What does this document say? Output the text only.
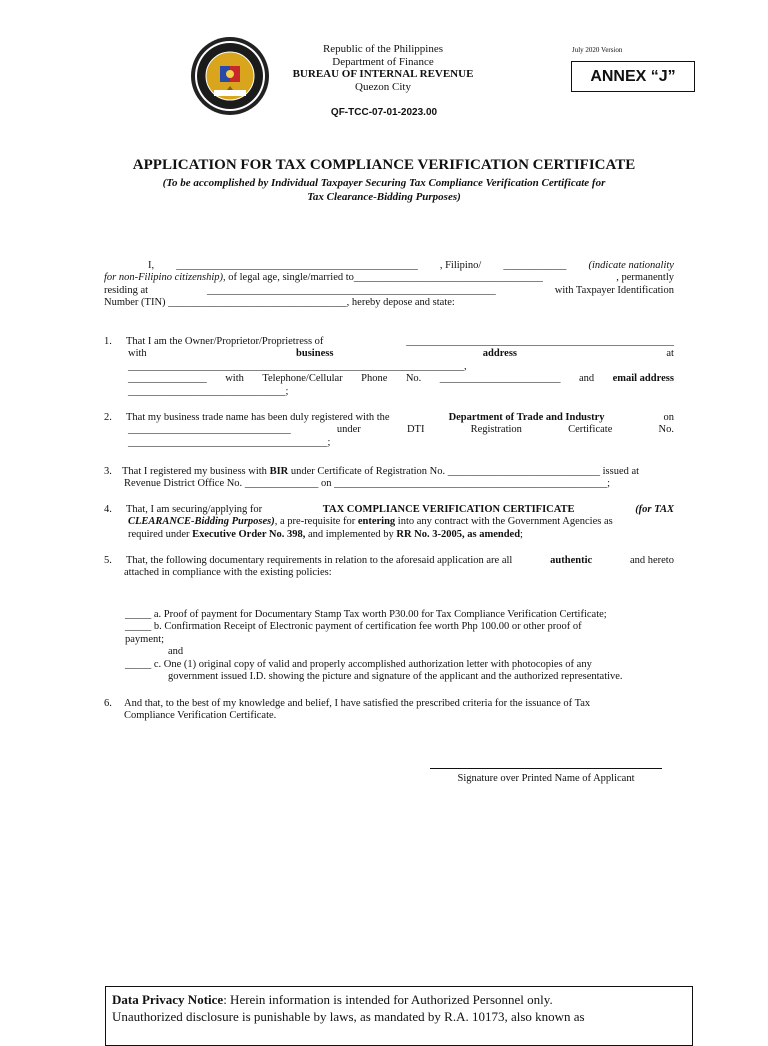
Republic of the Philippines
Department of Finance
BUREAU OF INTERNAL REVENUE
Quezon City
July 2020 Version
ANNEX “J”
QF-TCC-07-01-2023.00
APPLICATION FOR TAX COMPLIANCE VERIFICATION CERTIFICATE
(To be accomplished by Individual Taxpayer Securing Tax Compliance Verification Certificate for
Tax Clearance-Bidding Purposes)
I, ______________________________________________ , Filipino/ ____________ (indicate nationality
for non-Filipino citizenship), of legal age, single/married to____________________________________	, permanently
residing at	_______________________________________________________	with Taxpayer Identification
Number (TIN) __________________________________, hereby depose and state:
1.	That I am the Owner/Proprietor/Proprietress of	___________________________________________________
with	business	address	at
________________________________________________________________,
_______________ with Telephone/Cellular Phone No. _______________________ and email address
______________________________;
2.	That my business trade name has been duly registered with the	Department of Trade and Industry	on
_______________________________	under	DTI	Registration	Certificate	No.
______________________________________;
3. That I registered my business with BIR under Certificate of Registration No. _____________________________ issued at
Revenue District Office No. ______________ on ____________________________________________________;
4.	That, I am securing/applying for	TAX COMPLIANCE VERIFICATION CERTIFICATE	(for TAX
CLEARANCE-Bidding Purposes), a pre-requisite for entering into any contract with the Government Agencies as
required under Executive Order No. 398, and implemented by RR No. 3-2005, as amended;
5.	That, the following documentary requirements in relation to the aforesaid application are all	authentic	and hereto
attached in compliance with the existing policies:
_____ a. Proof of payment for Documentary Stamp Tax worth P30.00 for Tax Compliance Verification Certificate;
_____ b. Confirmation Receipt of Electronic payment of certification fee worth Php 100.00 or other proof of
payment;
and
_____ c. One (1) original copy of valid and properly accomplished authorization letter with photocopies of any
government issued I.D. showing the picture and signature of the applicant and the authorized representative.
6.	And that, to the best of my knowledge and belief, I have satisfied the prescribed criteria for the issuance of Tax
Compliance Verification Certificate.
Signature over Printed Name of Applicant
Data Privacy Notice: Herein information is intended for Authorized Personnel only.
Unauthorized disclosure is punishable by laws, as mandated by R.A. 10173, also known as
